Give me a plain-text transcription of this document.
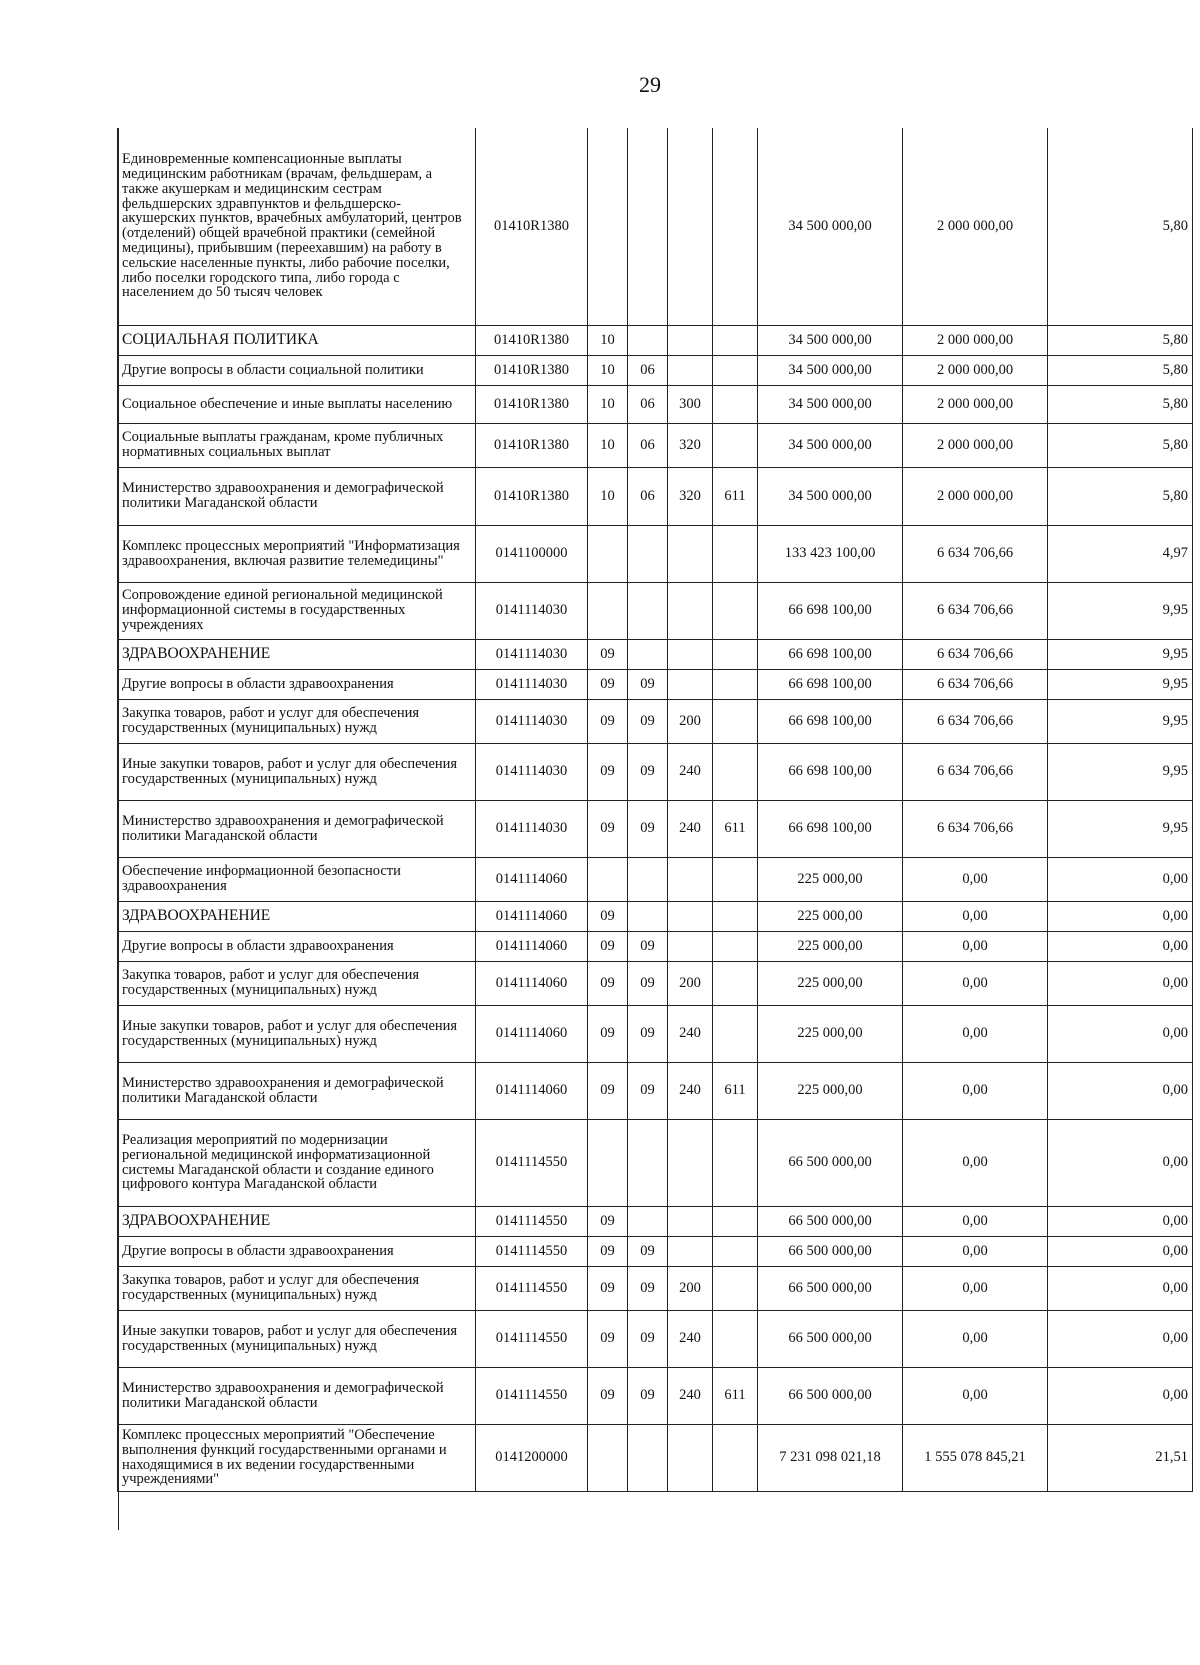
29
Единовременные компенсационные выплаты медицинским работникам (врачам, фельдшерам, а также акушеркам и медицинским сестрам фельдшерских здравпунктов и фельдшерско-акушерских пунктов, врачебных амбулаторий, центров (отделений) общей врачебной практики (семейной медицины), прибывшим (переехавшим) на работу в сельские населенные пункты, либо рабочие поселки, либо поселки городского типа, либо города с населением до 50 тысяч человек	01410R1380					34 500 000,00	2 000 000,00	5,80
СОЦИАЛЬНАЯ ПОЛИТИКА	01410R1380	10				34 500 000,00	2 000 000,00	5,80
Другие вопросы в области социальной политики	01410R1380	10	06			34 500 000,00	2 000 000,00	5,80
Социальное обеспечение и иные выплаты населению	01410R1380	10	06	300		34 500 000,00	2 000 000,00	5,80
Социальные выплаты гражданам, кроме публичных нормативных социальных выплат	01410R1380	10	06	320		34 500 000,00	2 000 000,00	5,80
Министерство здравоохранения и демографической политики Магаданской области	01410R1380	10	06	320	611	34 500 000,00	2 000 000,00	5,80
Комплекс процессных мероприятий "Информатизация здравоохранения, включая развитие телемедицины"	0141100000					133 423 100,00	6 634 706,66	4,97
Сопровождение единой региональной медицинской информационной системы в государственных учреждениях	0141114030					66 698 100,00	6 634 706,66	9,95
ЗДРАВООХРАНЕНИЕ	0141114030	09				66 698 100,00	6 634 706,66	9,95
Другие вопросы в области здравоохранения	0141114030	09	09			66 698 100,00	6 634 706,66	9,95
Закупка товаров, работ и услуг для обеспечения государственных (муниципальных) нужд	0141114030	09	09	200		66 698 100,00	6 634 706,66	9,95
Иные закупки товаров, работ и услуг для обеспечения государственных (муниципальных) нужд	0141114030	09	09	240		66 698 100,00	6 634 706,66	9,95
Министерство здравоохранения и демографической политики Магаданской области	0141114030	09	09	240	611	66 698 100,00	6 634 706,66	9,95
Обеспечение информационной безопасности здравоохранения	0141114060					225 000,00	0,00	0,00
ЗДРАВООХРАНЕНИЕ	0141114060	09				225 000,00	0,00	0,00
Другие вопросы в области здравоохранения	0141114060	09	09			225 000,00	0,00	0,00
Закупка товаров, работ и услуг для обеспечения государственных (муниципальных) нужд	0141114060	09	09	200		225 000,00	0,00	0,00
Иные закупки товаров, работ и услуг для обеспечения государственных (муниципальных) нужд	0141114060	09	09	240		225 000,00	0,00	0,00
Министерство здравоохранения и демографической политики Магаданской области	0141114060	09	09	240	611	225 000,00	0,00	0,00
Реализация мероприятий по модернизации региональной медицинской информатизационной системы Магаданской области и создание единого цифрового контура Магаданской области	0141114550					66 500 000,00	0,00	0,00
ЗДРАВООХРАНЕНИЕ	0141114550	09				66 500 000,00	0,00	0,00
Другие вопросы в области здравоохранения	0141114550	09	09			66 500 000,00	0,00	0,00
Закупка товаров, работ и услуг для обеспечения государственных (муниципальных) нужд	0141114550	09	09	200		66 500 000,00	0,00	0,00
Иные закупки товаров, работ и услуг для обеспечения государственных (муниципальных) нужд	0141114550	09	09	240		66 500 000,00	0,00	0,00
Министерство здравоохранения и демографической политики Магаданской области	0141114550	09	09	240	611	66 500 000,00	0,00	0,00
Комплекс процессных мероприятий "Обеспечение выполнения функций государственными органами и находящимися в их ведении государственными учреждениями"	0141200000					7 231 098 021,18	1 555 078 845,21	21,51
